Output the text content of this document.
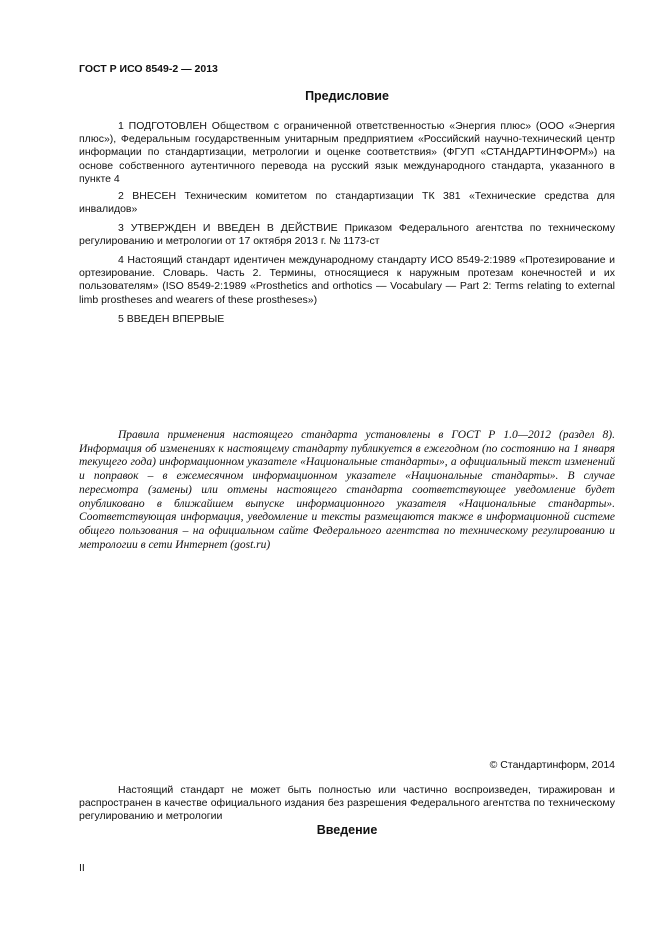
ГОСТ Р ИСО 8549-2 — 2013
Предисловие

1 ПОДГОТОВЛЕН Обществом с ограниченной ответственностью «Энергия плюс» (ООО «Энергия плюс»), Федеральным государственным унитарным предприятием «Российский научно-технический центр информации по стандартизации, метрологии и оценке соответствия» (ФГУП «СТАНДАРТИНФОРМ») на основе собственного аутентичного перевода на русский язык международного стандарта, указанного в пункте 4

2 ВНЕСЕН Техническим комитетом по стандартизации ТК 381 «Технические средства для инвалидов»

3 УТВЕРЖДЕН И ВВЕДЕН В ДЕЙСТВИЕ Приказом Федерального агентства по техническому регулированию и метрологии от 17 октября 2013 г. № 1173-ст

4 Настоящий стандарт идентичен международному стандарту ИСО 8549-2:1989 «Протезирование и ортезирование. Словарь. Часть 2. Термины, относящиеся к наружным протезам конечностей и их пользователям» (ISO 8549-2:1989 «Prosthetics and orthotics — Vocabulary — Part 2: Terms relating to external limb prostheses and wearers of these prostheses»)

5 ВВЕДЕН ВПЕРВЫЕ

Правила применения настоящего стандарта установлены в ГОСТ Р 1.0—2012 (раздел 8). Информация об изменениях к настоящему стандарту публикуется в ежегодном (по состоянию на 1 января текущего года) информационном указателе «Национальные стандарты», а официальный текст изменений и поправок – в ежемесячном информационном указателе «Национальные стандарты». В случае пересмотра (замены) или отмены настоящего стандарта соответствующее уведомление будет опубликовано в ближайшем выпуске информационного указателя «Национальные стандарты». Соответствующая информация, уведомление и тексты размещаются также в информационной системе общего пользования – на официальном сайте Федерального агентства по техническому регулированию и метрологии в сети Интернет (gost.ru)

© Стандартинформ, 2014

Настоящий стандарт не может быть полностью или частично воспроизведен, тиражирован и распространен в качестве официального издания без разрешения Федерального агентства по техническому регулированию и метрологии

Введение
II
